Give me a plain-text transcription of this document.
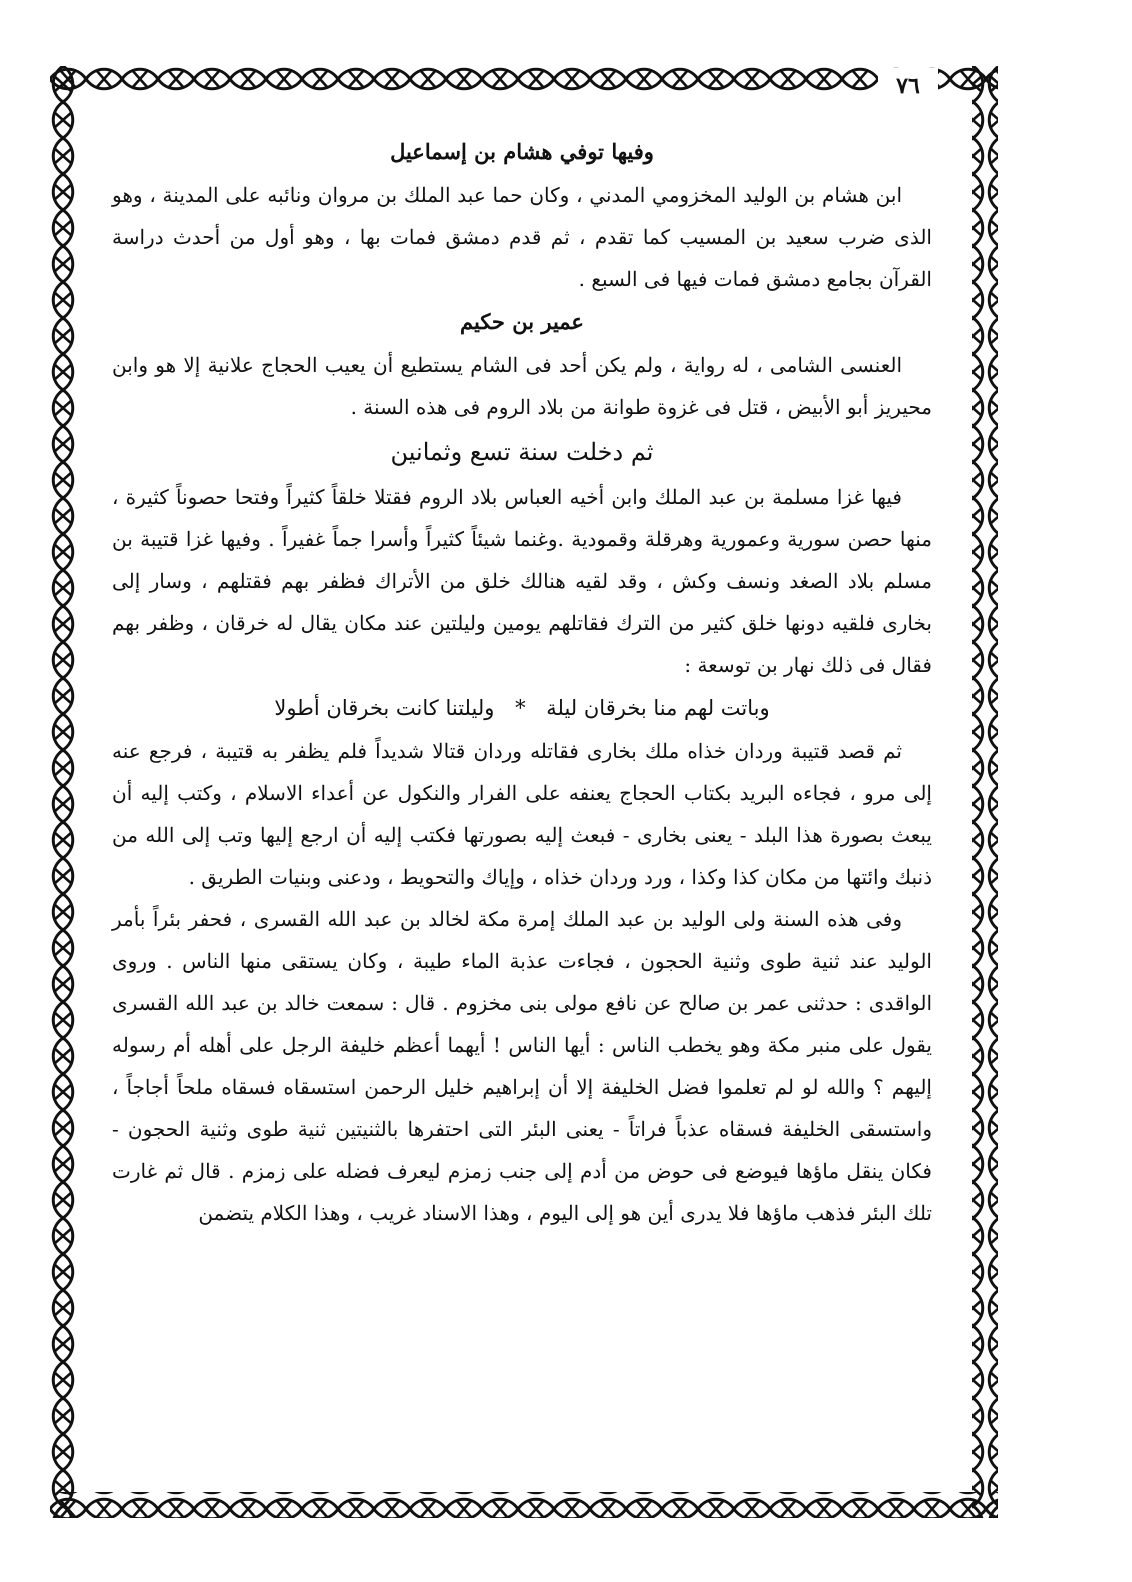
٧٦
وفيها توفي هشام بن إسماعيل

ابن هشام بن الوليد المخزومي المدني ، وكان حما عبد الملك بن مروان ونائبه على المدينة ، وهو الذى ضرب سعيد بن المسيب كما تقدم ، ثم قدم دمشق فمات بها ، وهو أول من أحدث دراسة القرآن بجامع دمشق فمات فيها فى السبع .

عمير بن حكيم

العنسى الشامى ، له رواية ، ولم يكن أحد فى الشام يستطيع أن يعيب الحجاج علانية إلا هو وابن محيريز أبو الأبيض ، قتل فى غزوة طوانة من بلاد الروم فى هذه السنة .

ثم دخلت سنة تسع وثمانين

فيها غزا مسلمة بن عبد الملك وابن أخيه العباس بلاد الروم فقتلا خلقاً كثيراً وفتحا حصوناً كثيرة ، منها حصن سورية وعمورية وهرقلة وقمودية .وغنما شيئاً كثيراً وأسرا جماً غفيراً . وفيها غزا قتيبة بن مسلم بلاد الصغد ونسف وكش ، وقد لقيه هنالك خلق من الأتراك فظفر بهم فقتلهم ، وسار إلى بخارى فلقيه دونها خلق كثير من الترك فقاتلهم يومين وليلتين عند مكان يقال له خرقان ، وظفر بهم فقال فى ذلك نهار بن توسعة :

وباتت لهم منا بخرقان ليلة * وليلتنا كانت بخرقان أطولا

ثم قصد قتيبة وردان خذاه ملك بخارى فقاتله وردان قتالا شديداً فلم يظفر به قتيبة ، فرجع عنه إلى مرو ، فجاءه البريد بكتاب الحجاج يعنفه على الفرار والنكول عن أعداء الاسلام ، وكتب إليه أن يبعث بصورة هذا البلد - يعنى بخارى - فبعث إليه بصورتها فكتب إليه أن ارجع إليها وتب إلى الله من ذنبك وائتها من مكان كذا وكذا ، ورد وردان خذاه ، وإياك والتحويط ، ودعنى وبنيات الطريق .

وفى هذه السنة ولى الوليد بن عبد الملك إمرة مكة لخالد بن عبد الله القسرى ، فحفر بئراً بأمر الوليد عند ثنية طوى وثنية الحجون ، فجاءت عذبة الماء طيبة ، وكان يستقى منها الناس . وروى الواقدى : حدثنى عمر بن صالح عن نافع مولى بنى مخزوم . قال : سمعت خالد بن عبد الله القسرى يقول على منبر مكة وهو يخطب الناس : أيها الناس ! أيهما أعظم خليفة الرجل على أهله أم رسوله إليهم ؟ والله لو لم تعلموا فضل الخليفة إلا أن إبراهيم خليل الرحمن استسقاه فسقاه ملحاً أجاجاً ، واستسقى الخليفة فسقاه عذباً فراتاً - يعنى البئر التى احتفرها بالثنيتين ثنية طوى وثنية الحجون - فكان ينقل ماؤها فيوضع فى حوض من أدم إلى جنب زمزم ليعرف فضله على زمزم . قال ثم غارت تلك البئر فذهب ماؤها فلا يدرى أين هو إلى اليوم ، وهذا الاسناد غريب ، وهذا الكلام يتضمن
